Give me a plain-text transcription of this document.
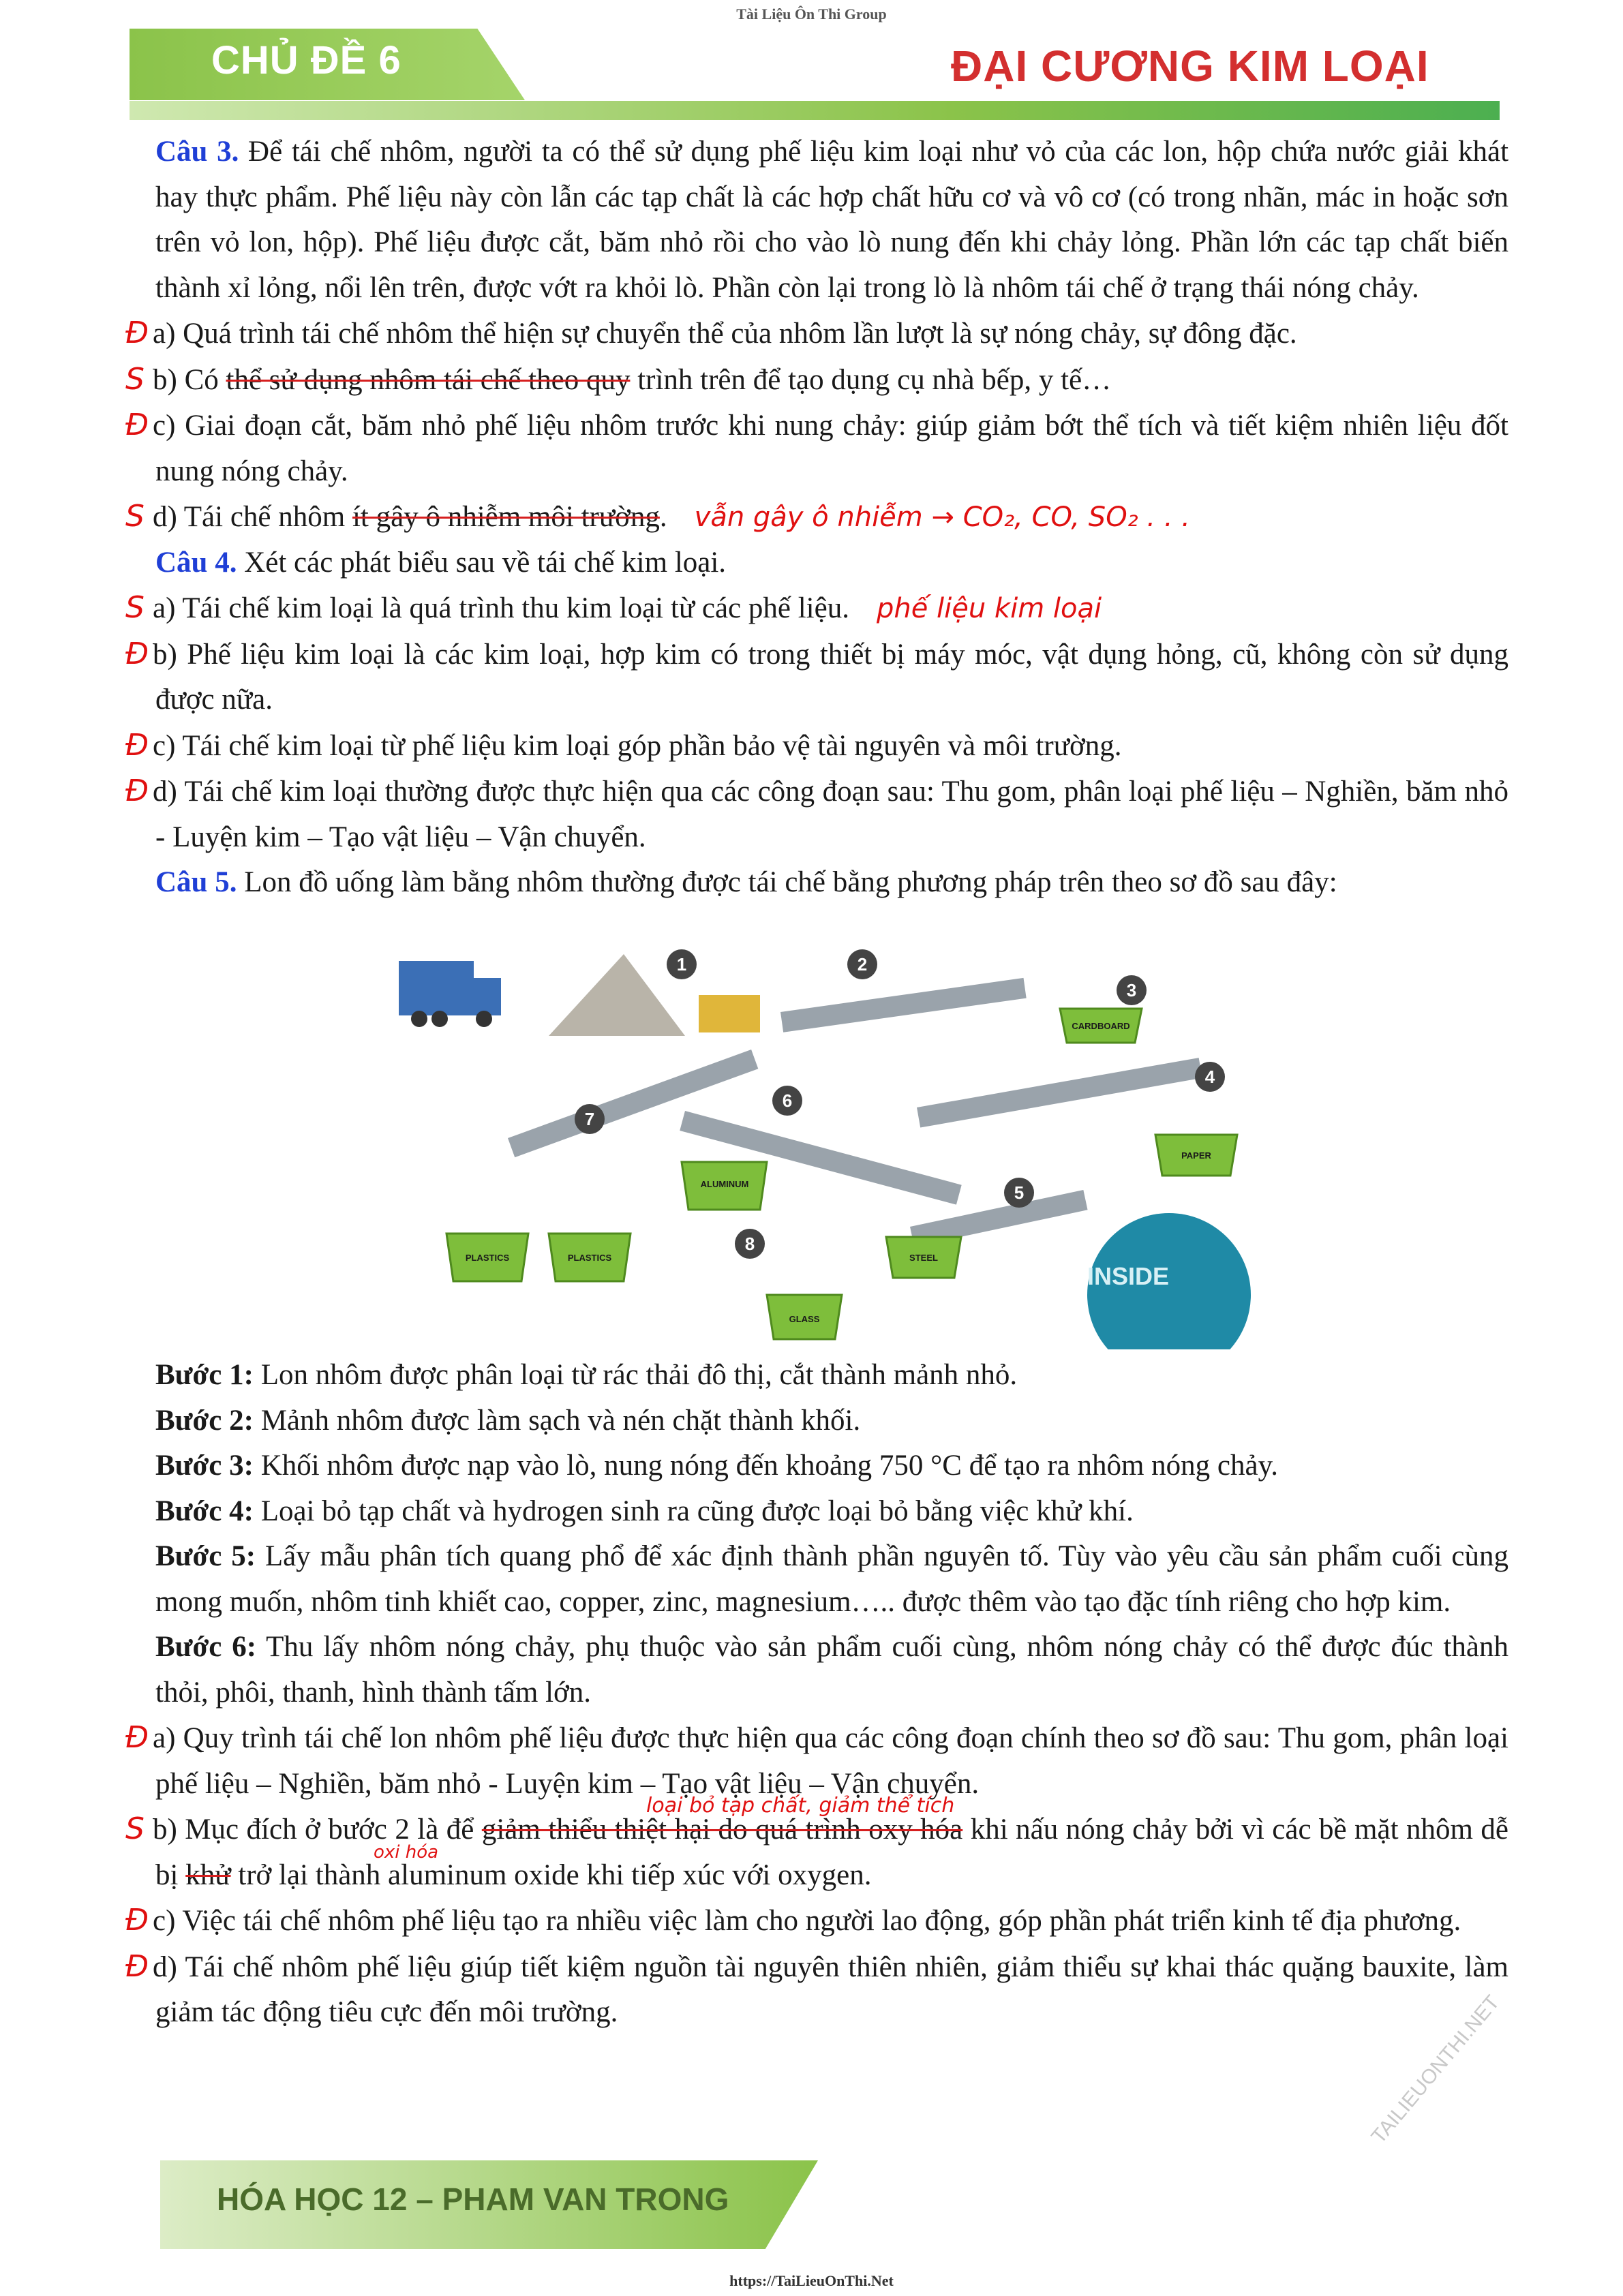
Tài Liệu Ôn Thi Group
CHỦ ĐỀ 6	ĐẠI CƯƠNG KIM LOẠI

Câu 3. Để tái chế nhôm, người ta có thể sử dụng phế liệu kim loại như vỏ của các lon, hộp chứa nước giải khát hay thực phẩm. Phế liệu này còn lẫn các tạp chất là các hợp chất hữu cơ và vô cơ (có trong nhãn, mác in hoặc sơn trên vỏ lon, hộp). Phế liệu được cắt, băm nhỏ rồi cho vào lò nung đến khi chảy lỏng. Phần lớn các tạp chất biến thành xỉ lỏng, nổi lên trên, được vớt ra khỏi lò. Phần còn lại trong lò là nhôm tái chế ở trạng thái nóng chảy.

Đ a) Quá trình tái chế nhôm thể hiện sự chuyển thể của nhôm lần lượt là sự nóng chảy, sự đông đặc.

S b) Có thể sử dụng nhôm tái chế theo quy trình trên để tạo dụng cụ nhà bếp, y tế…

Đ c) Giai đoạn cắt, băm nhỏ phế liệu nhôm trước khi nung chảy: giúp giảm bớt thể tích và tiết kiệm nhiên liệu đốt nung nóng chảy.

S d) Tái chế nhôm ít gây ô nhiễm môi trường. vẫn gây ô nhiễm → CO₂, CO, SO₂ . . .

Câu 4. Xét các phát biểu sau về tái chế kim loại.

S a) Tái chế kim loại là quá trình thu kim loại từ các phế liệu. phế liệu kim loại

Đ b) Phế liệu kim loại là các kim loại, hợp kim có trong thiết bị máy móc, vật dụng hỏng, cũ, không còn sử dụng được nữa.

Đ c) Tái chế kim loại từ phế liệu kim loại góp phần bảo vệ tài nguyên và môi trường.

Đ d) Tái chế kim loại thường được thực hiện qua các công đoạn sau: Thu gom, phân loại phế liệu – Nghiền, băm nhỏ - Luyện kim – Tạo vật liệu – Vận chuyển.

Câu 5. Lon đồ uống làm bằng nhôm thường được tái chế bằng phương pháp trên theo sơ đồ sau đây:

CARDBOARD
PAPER
ALUMINUM
STEEL
GLASS
PLASTICS	PLASTICS
INSIDE
1	2
3
4
5
6
7
8

Bước 1: Lon nhôm được phân loại từ rác thải đô thị, cắt thành mảnh nhỏ.

Bước 2: Mảnh nhôm được làm sạch và nén chặt thành khối.

Bước 3: Khối nhôm được nạp vào lò, nung nóng đến khoảng 750 °C để tạo ra nhôm nóng chảy.

Bước 4: Loại bỏ tạp chất và hydrogen sinh ra cũng được loại bỏ bằng việc khử khí.

Bước 5: Lấy mẫu phân tích quang phổ để xác định thành phần nguyên tố. Tùy vào yêu cầu sản phẩm cuối cùng mong muốn, nhôm tinh khiết cao, copper, zinc, magnesium….. được thêm vào tạo đặc tính riêng cho hợp kim.

Bước 6: Thu lấy nhôm nóng chảy, phụ thuộc vào sản phẩm cuối cùng, nhôm nóng chảy có thể được đúc thành thỏi, phôi, thanh, hình thành tấm lớn.

Đ a) Quy trình tái chế lon nhôm phế liệu được thực hiện qua các công đoạn chính theo sơ đồ sau: Thu gom, phân loại phế liệu – Nghiền, băm nhỏ - Luyện kim – Tạo vật liệu – Vận chuyển.

S b) Mục đích ở bước 2 là để giảm thiểu thiệt hại do quá trình oxy hóa khi nấu nóng chảy bởi vì các bề mặt nhôm dễ bị khử trở lại thành aluminum oxide khi tiếp xúc với oxygen.
loại bỏ tạp chất, giảm thể tích
oxi hóa

Đ c) Việc tái chế nhôm phế liệu tạo ra nhiều việc làm cho người lao động, góp phần phát triển kinh tế địa phương.

Đ d) Tái chế nhôm phế liệu giúp tiết kiệm nguồn tài nguyên thiên nhiên, giảm thiểu sự khai thác quặng bauxite, làm giảm tác động tiêu cực đến môi trường.

HÓA HỌC 12 – PHAM VAN TRONG
TAILIEUONTHI.NET
https://TaiLieuOnThi.Net
